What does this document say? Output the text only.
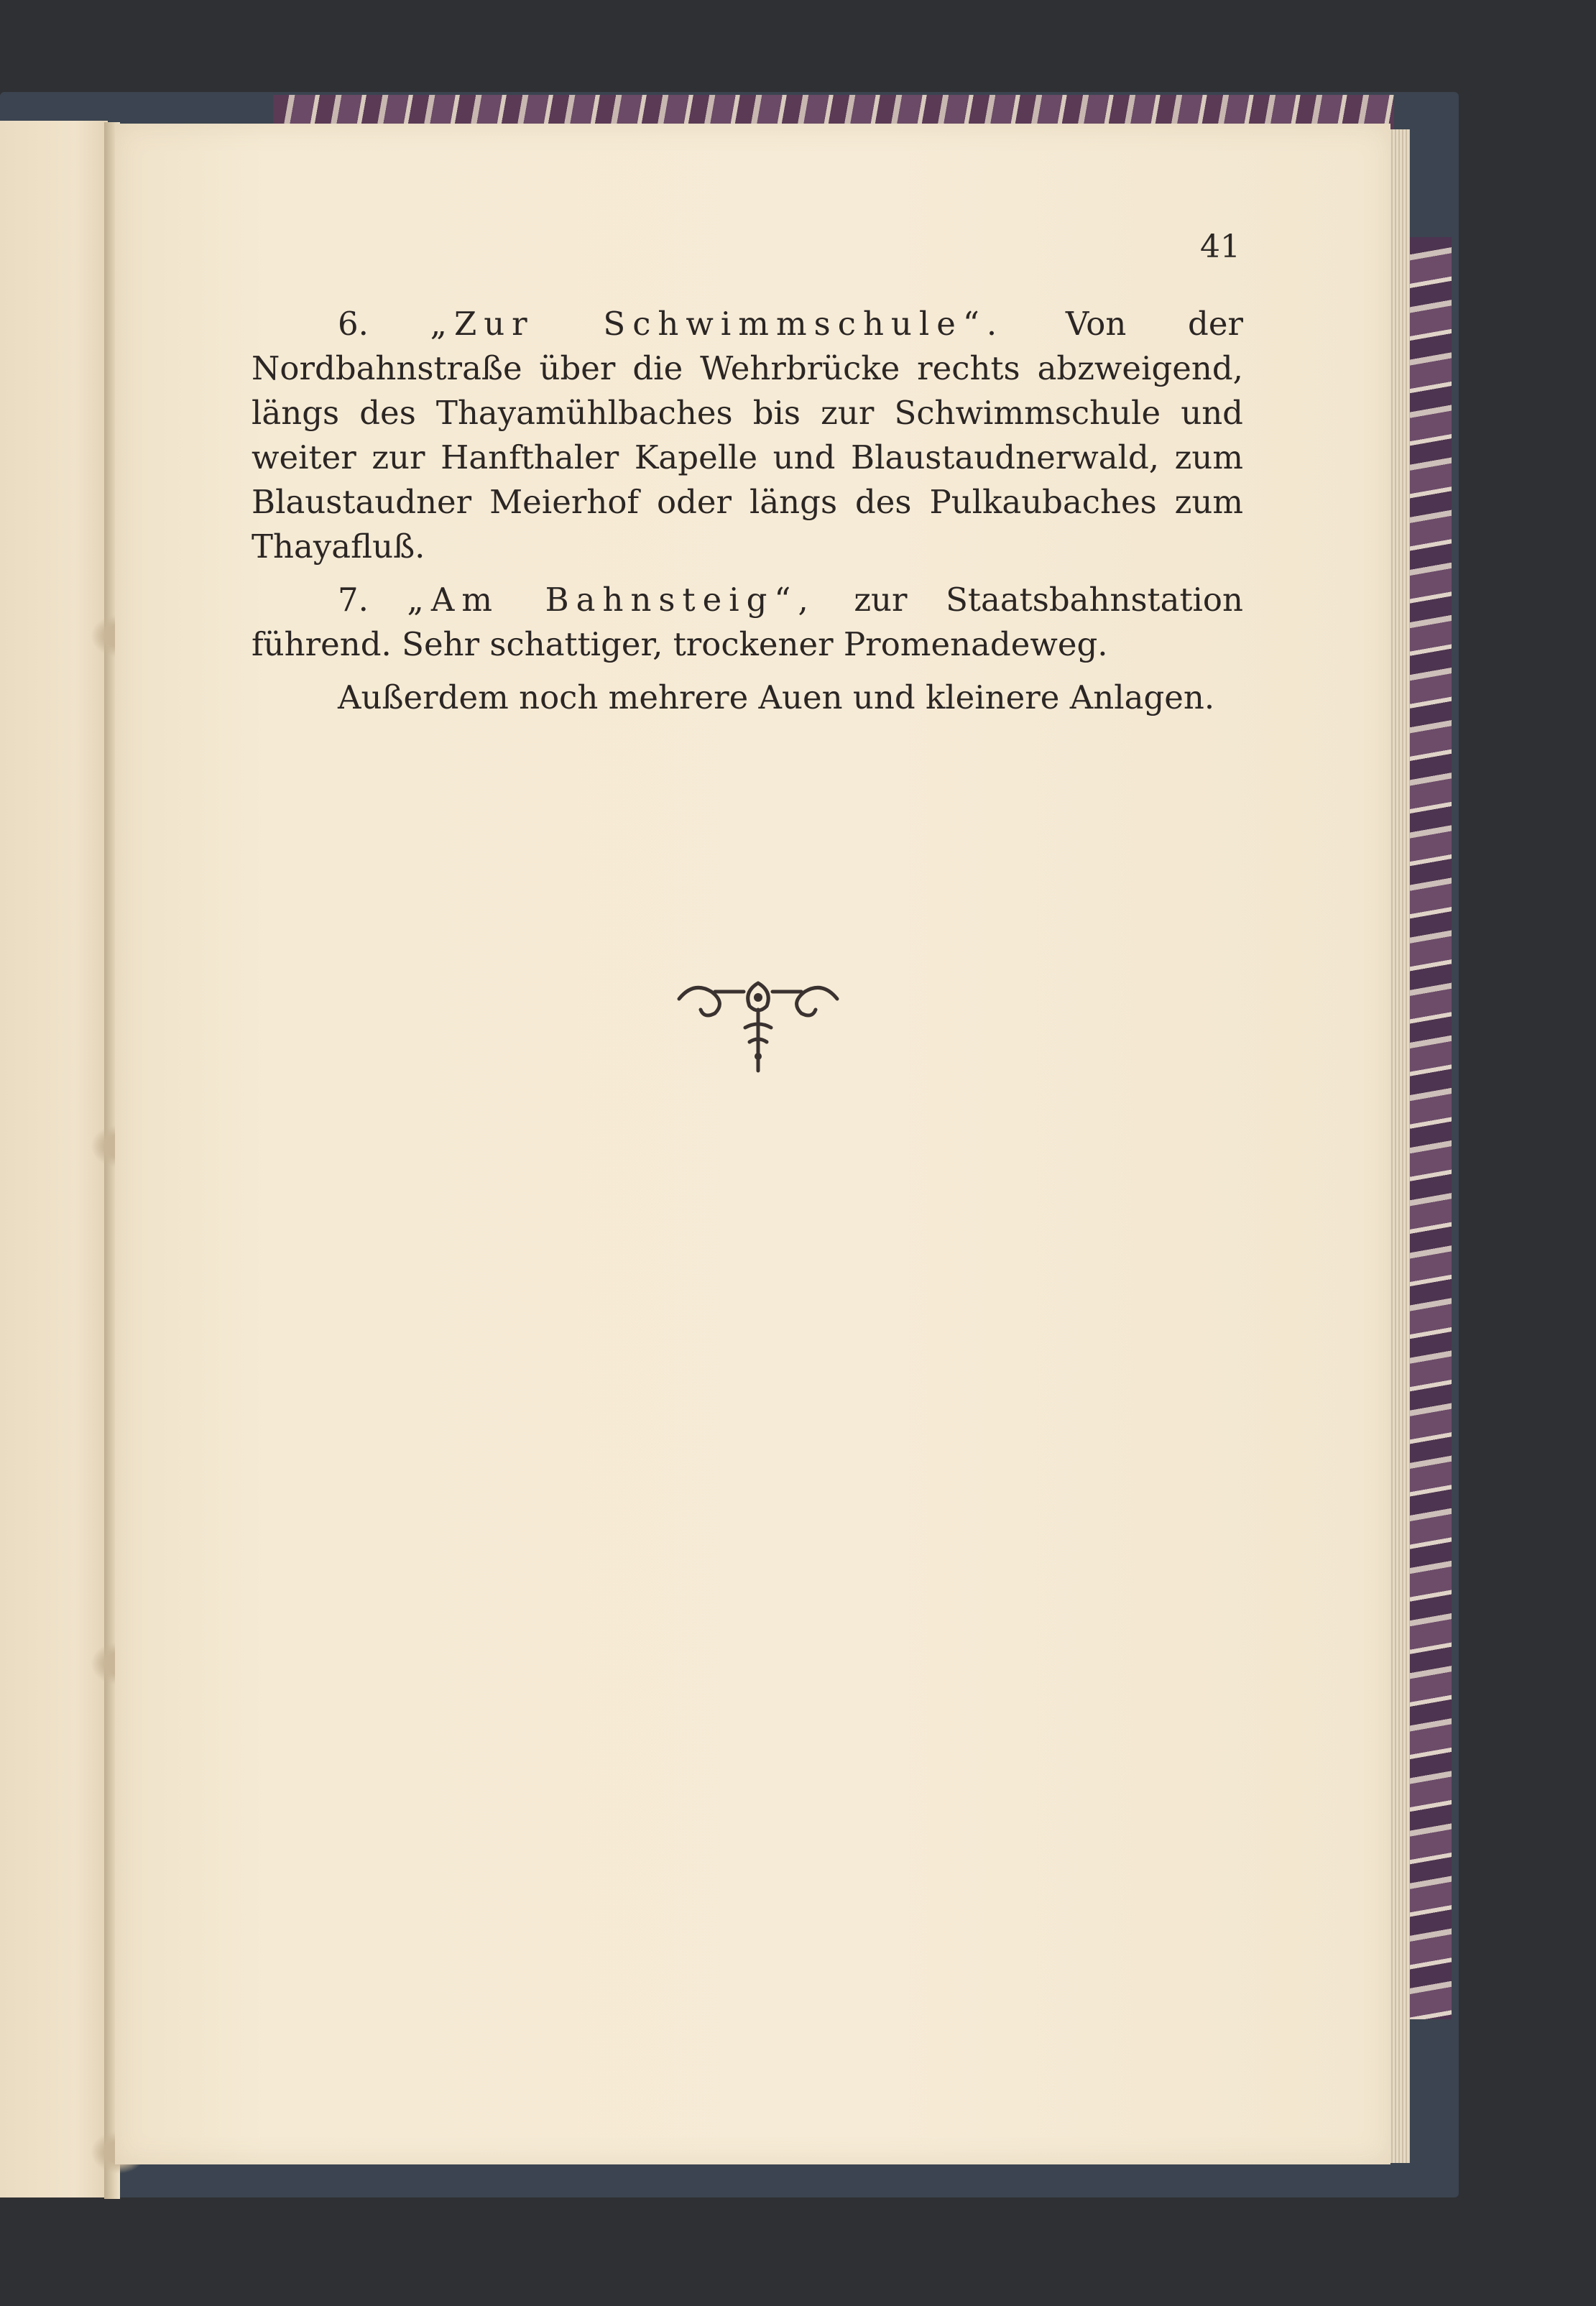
41

6. „Zur Schwimmschule“. Von der Nordbahnstraße über die Wehrbrücke rechts abzweigend, längs des Thayamühlbaches bis zur Schwimmschule und weiter zur Hanfthaler Kapelle und Blaustaudnerwald, zum Blaustaudner Meierhof oder längs des Pulkaubaches zum Thayafluß.

7. „Am Bahnsteig“, zur Staatsbahnstation führend. Sehr schattiger, trockener Promenadeweg.

Außerdem noch mehrere Auen und kleinere Anlagen.
